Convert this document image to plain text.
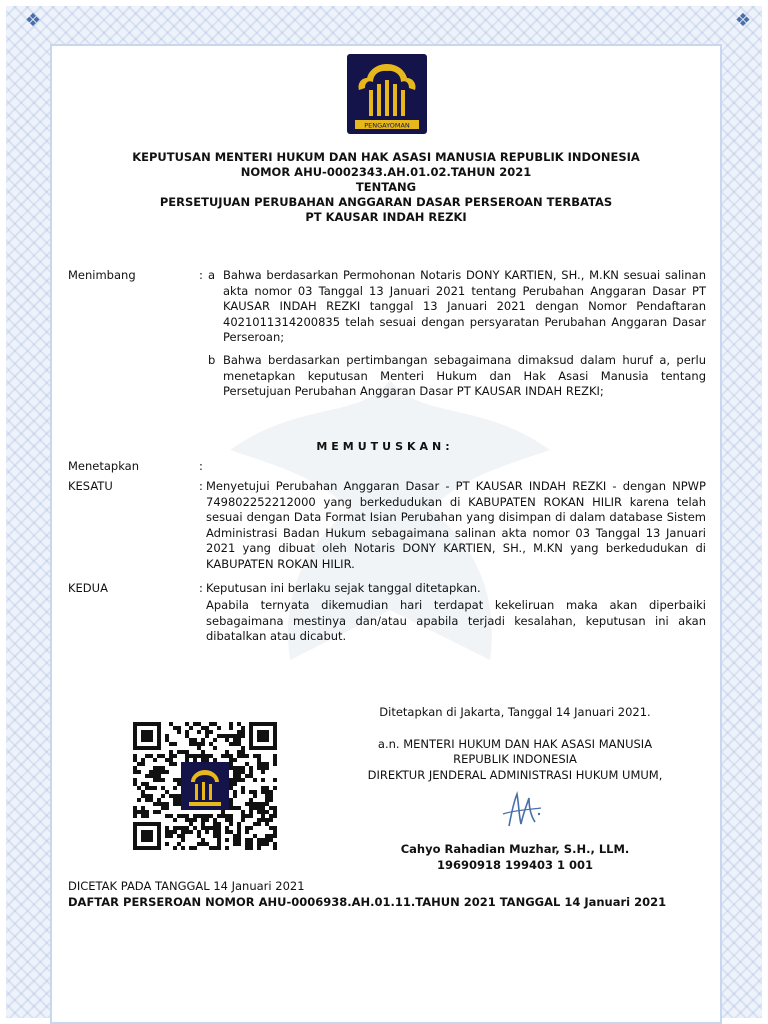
❖	❖
PENGAYOMAN
KEPUTUSAN MENTERI HUKUM DAN HAK ASASI MANUSIA REPUBLIK INDONESIA
NOMOR AHU-0002343.AH.01.02.TAHUN 2021
TENTANG
PERSETUJUAN PERUBAHAN ANGGARAN DASAR PERSEROAN TERBATAS
PT KAUSAR INDAH REZKI
Menimbang	: a Bahwa berdasarkan Permohonan Notaris DONY KARTIEN, SH., M.KN sesuai salinan akta nomor 03 Tanggal 13 Januari 2021 tentang Perubahan Anggaran Dasar PT KAUSAR INDAH REZKI tanggal 13 Januari 2021 dengan Nomor Pendaftaran 4021011314200835 telah sesuai dengan persyaratan Perubahan Anggaran Dasar Perseroan;
b Bahwa berdasarkan pertimbangan sebagaimana dimaksud dalam huruf a, perlu menetapkan keputusan Menteri Hukum dan Hak Asasi Manusia tentang Persetujuan Perubahan Anggaran Dasar PT KAUSAR INDAH REZKI;
MEMUTUSKAN:
Menetapkan	:
KESATU	: Menyetujui Perubahan Anggaran Dasar - PT KAUSAR INDAH REZKI - dengan NPWP 749802252212000 yang berkedudukan di KABUPATEN ROKAN HILIR karena telah sesuai dengan Data Format Isian Perubahan yang disimpan di dalam database Sistem Administrasi Badan Hukum sebagaimana salinan akta nomor 03 Tanggal 13 Januari 2021 yang dibuat oleh Notaris DONY KARTIEN, SH., M.KN yang berkedudukan di KABUPATEN ROKAN HILIR.
KEDUA	: Keputusan ini berlaku sejak tanggal ditetapkan.
Apabila ternyata dikemudian hari terdapat kekeliruan maka akan diperbaiki sebagaimana mestinya dan/atau apabila terjadi kesalahan, keputusan ini akan dibatalkan atau dicabut.
Ditetapkan di Jakarta, Tanggal 14 Januari 2021.
a.n. MENTERI HUKUM DAN HAK ASASI MANUSIA
REPUBLIK INDONESIA
DIREKTUR JENDERAL ADMINISTRASI HUKUM UMUM,
Cahyo Rahadian Muzhar, S.H., LLM.
19690918 199403 1 001
DICETAK PADA TANGGAL 14 Januari 2021
DAFTAR PERSEROAN NOMOR AHU-0006938.AH.01.11.TAHUN 2021 TANGGAL 14 Januari 2021
